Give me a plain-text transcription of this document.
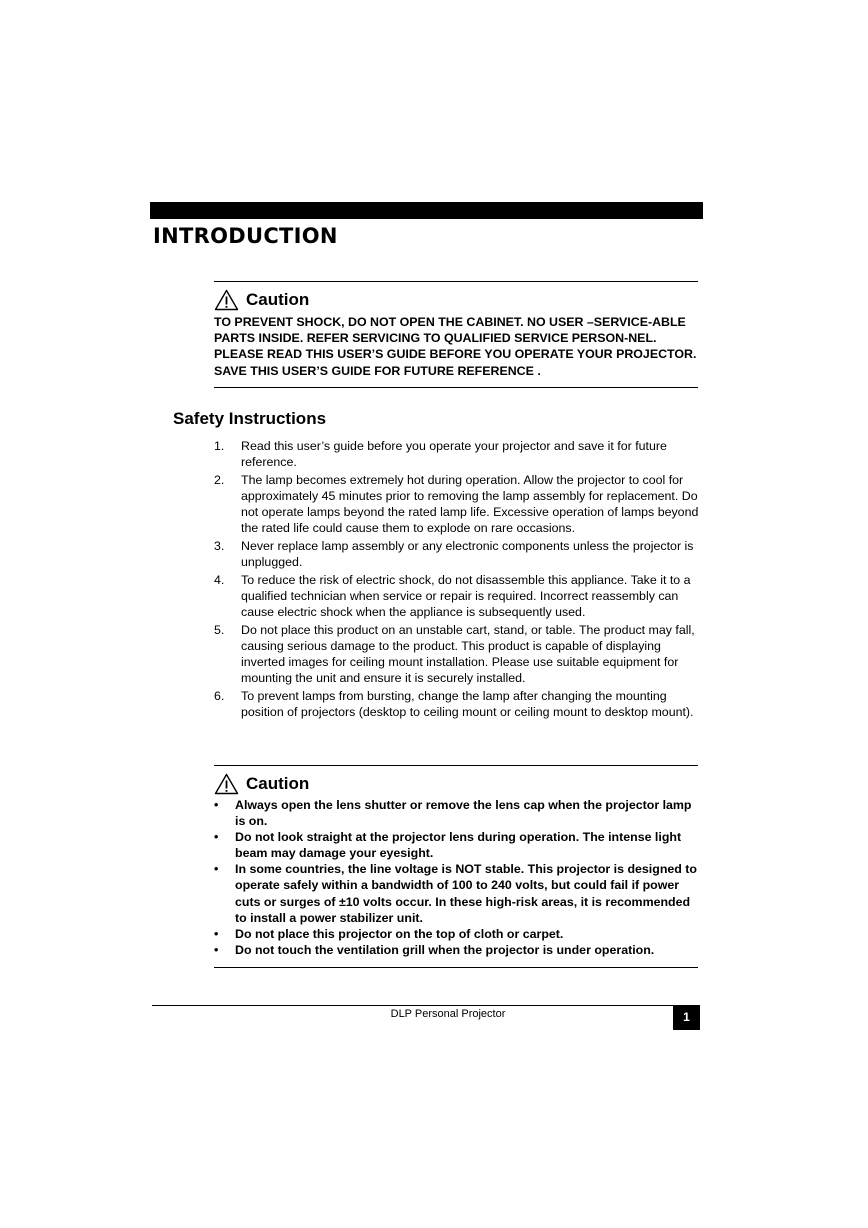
INTRODUCTION
Caution

TO PREVENT SHOCK, DO NOT OPEN THE CABINET. NO USER –SERVICE-ABLE PARTS INSIDE. REFER SERVICING TO QUALIFIED SERVICE PERSON-NEL. PLEASE READ THIS USER’S GUIDE BEFORE YOU OPERATE YOUR PROJECTOR. SAVE THIS USER’S GUIDE FOR FUTURE REFERENCE .

Safety Instructions
1. Read this user’s guide before you operate your projector and save it for future reference.
2. The lamp becomes extremely hot during operation. Allow the projector to cool for approximately 45 minutes prior to removing the lamp assembly for replacement. Do not operate lamps beyond the rated lamp life. Excessive operation of lamps beyond the rated life could cause them to explode on rare occasions.
3. Never replace lamp assembly or any electronic components unless the projector is unplugged.
4. To reduce the risk of electric shock, do not disassemble this appliance. Take it to a qualified technician when service or repair is required. Incorrect reassembly can cause electric shock when the appliance is subsequently used.
5. Do not place this product on an unstable cart, stand, or table. The product may fall, causing serious damage to the product. This product is capable of displaying inverted images for ceiling mount installation. Please use suitable equipment for mounting the unit and ensure it is securely installed.
6. To prevent lamps from bursting, change the lamp after changing the mounting position of projectors (desktop to ceiling mount or ceiling mount to desktop mount).
Caution
• Always open the lens shutter or remove the lens cap when the projector lamp is on.
• Do not look straight at the projector lens during operation. The intense light beam may damage your eyesight.
• In some countries, the line voltage is NOT stable. This projector is designed to operate safely within a bandwidth of 100 to 240 volts, but could fail if power cuts or surges of ±10 volts occur. In these high-risk areas, it is recommended to install a power stabilizer unit.
• Do not place this projector on the top of cloth or carpet.
• Do not touch the ventilation grill when the projector is under operation.
DLP Personal Projector	1
